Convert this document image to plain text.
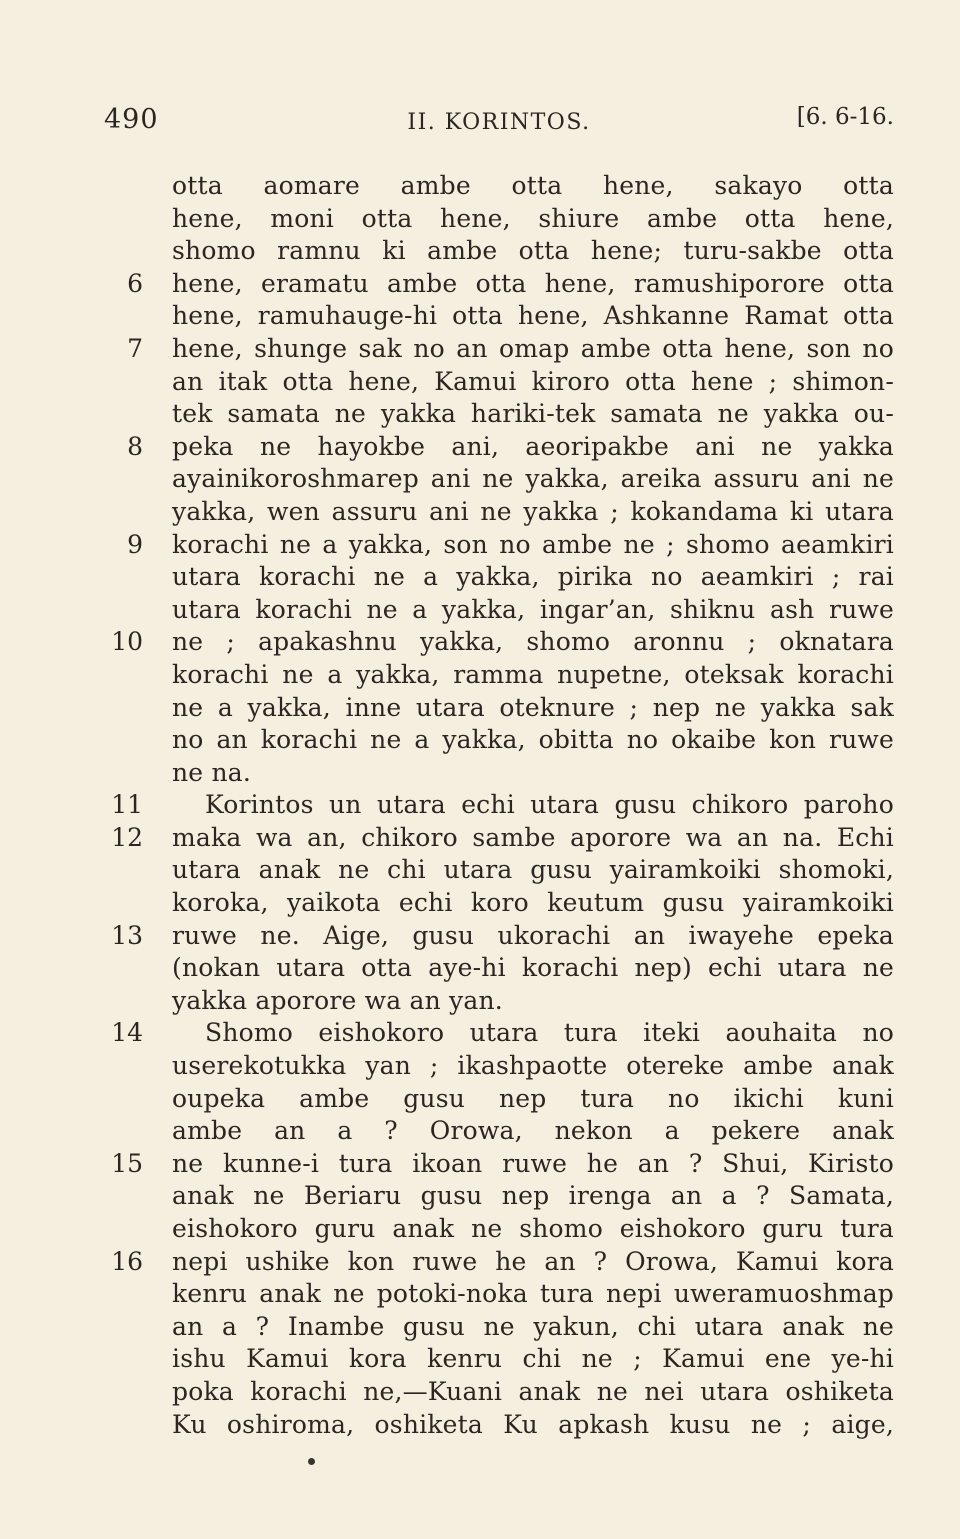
490	II. KORINTOS.	[6. 6-16.
otta aomare ambe otta hene, sakayo otta
hene, moni otta hene, shiure ambe otta hene,
shomo ramnu ki ambe otta hene; turu-sakbe otta
6 hene, eramatu ambe otta hene, ramushiporore otta
hene, ramuhauge-hi otta hene, Ashkanne Ramat otta
7 hene, shunge sak no an omap ambe otta hene, son no
an itak otta hene, Kamui kiroro otta hene ; shimon-
tek samata ne yakka hariki-tek samata ne yakka ou-
8 peka ne hayokbe ani, aeoripakbe ani ne yakka
ayainikoroshmarep ani ne yakka, areika assuru ani ne
yakka, wen assuru ani ne yakka ; kokandama ki utara
9 korachi ne a yakka, son no ambe ne ; shomo aeamkiri
utara korachi ne a yakka, pirika no aeamkiri ; rai
utara korachi ne a yakka, ingar’an, shiknu ash ruwe
10 ne ; apakashnu yakka, shomo aronnu ; oknatara
korachi ne a yakka, ramma nupetne, oteksak korachi
ne a yakka, inne utara oteknure ; nep ne yakka sak
no an korachi ne a yakka, obitta no okaibe kon ruwe
ne na.
11 Korintos un utara echi utara gusu chikoro paroho
12 maka wa an, chikoro sambe aporore wa an na. Echi
utara anak ne chi utara gusu yairamkoiki shomoki,
koroka, yaikota echi koro keutum gusu yairamkoiki
13 ruwe ne. Aige, gusu ukorachi an iwayehe epeka
(nokan utara otta aye-hi korachi nep) echi utara ne
yakka aporore wa an yan.
14 Shomo eishokoro utara tura iteki aouhaita no
userekotukka yan ; ikashpaotte otereke ambe anak
oupeka ambe gusu nep tura no ikichi kuni
ambe an a ? Orowa, nekon a pekere anak
15 ne kunne-i tura ikoan ruwe he an ? Shui, Kiristo
anak ne Beriaru gusu nep irenga an a ? Samata,
eishokoro guru anak ne shomo eishokoro guru tura
16 nepi ushike kon ruwe he an ? Orowa, Kamui kora
kenru anak ne potoki-noka tura nepi uweramuoshmap
an a ? Inambe gusu ne yakun, chi utara anak ne
ishu Kamui kora kenru chi ne ; Kamui ene ye-hi
poka korachi ne,—Kuani anak ne nei utara oshiketa
Ku oshiroma, oshiketa Ku apkash kusu ne ; aige,
